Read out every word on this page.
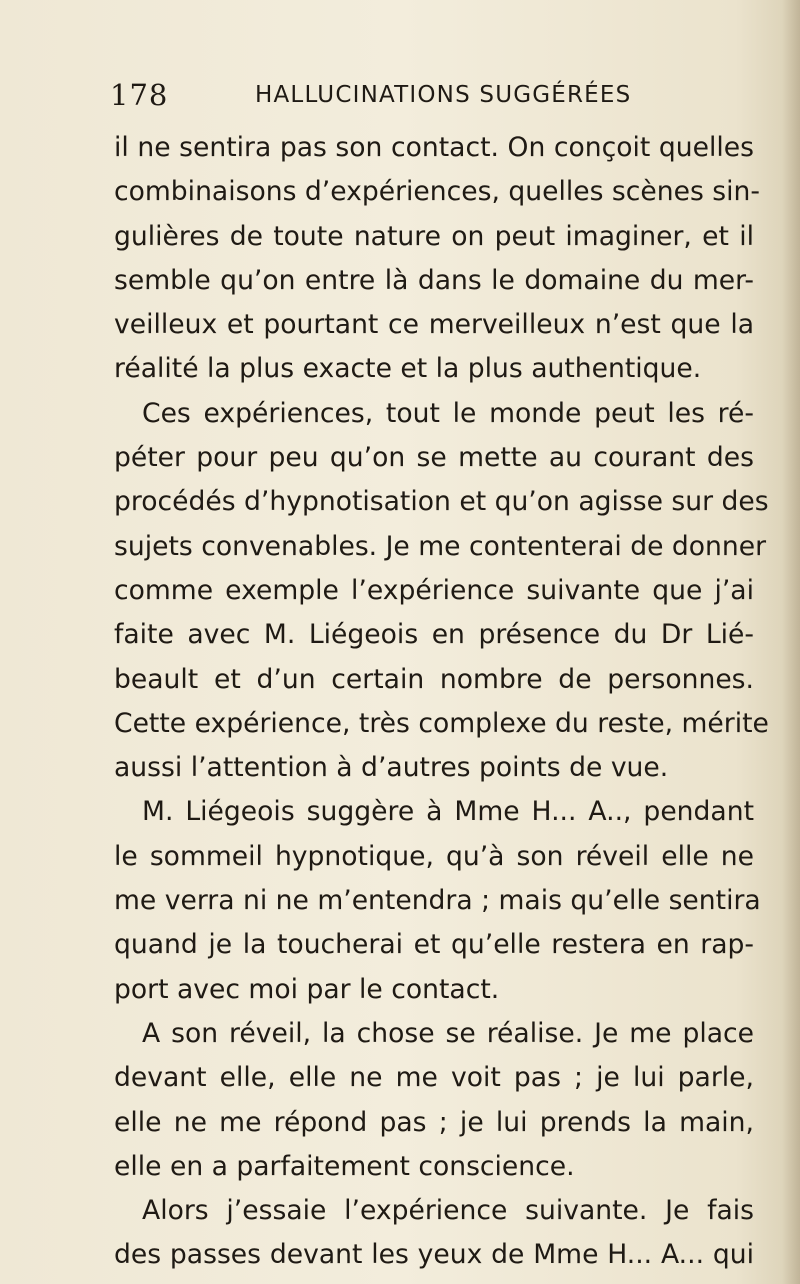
178	HALLUCINATIONS SUGGÉRÉES
il ne sentira pas son contact. On conçoit quelles
combinaisons d’expériences, quelles scènes sin-
gulières de toute nature on peut imaginer, et il
semble qu’on entre là dans le domaine du mer-
veilleux et pourtant ce merveilleux n’est que la
réalité la plus exacte et la plus authentique.
Ces expériences, tout le monde peut les ré-
péter pour peu qu’on se mette au courant des
procédés d’hypnotisation et qu’on agisse sur des
sujets convenables. Je me contenterai de donner
comme exemple l’expérience suivante que j’ai
faite avec M. Liégeois en présence du Dr Lié-
beault et d’un certain nombre de personnes.
Cette expérience, très complexe du reste, mérite
aussi l’attention à d’autres points de vue.
M. Liégeois suggère à Mme H... A.., pendant
le sommeil hypnotique, qu’à son réveil elle ne
me verra ni ne m’entendra ; mais qu’elle sentira
quand je la toucherai et qu’elle restera en rap-
port avec moi par le contact.
A son réveil, la chose se réalise. Je me place
devant elle, elle ne me voit pas ; je lui parle,
elle ne me répond pas ; je lui prends la main,
elle en a parfaitement conscience.
Alors j’essaie l’expérience suivante. Je fais
des passes devant les yeux de Mme H... A... qui
